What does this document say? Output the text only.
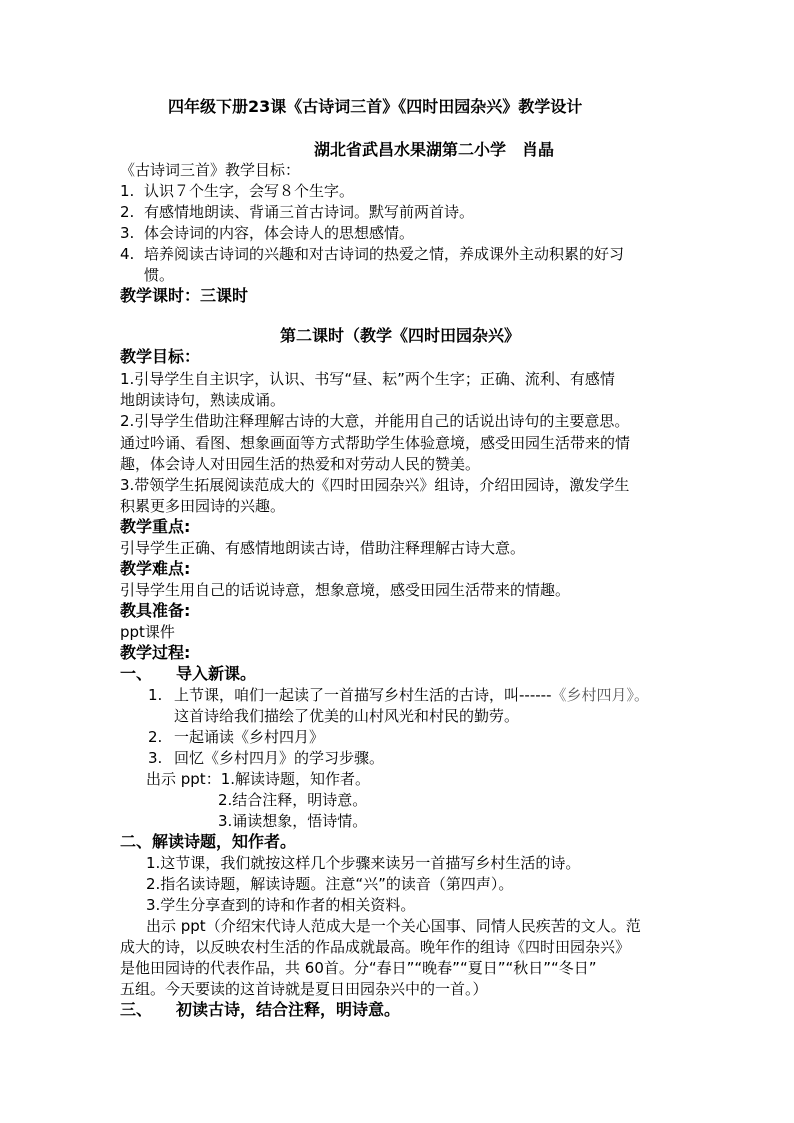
四年级下册23课《古诗词三首》《四时田园杂兴》教学设计
湖北省武昌水果湖第二小学　肖晶
《古诗词三首》教学目标：
1. 认识７个生字，会写８个生字。
2. 有感情地朗读、背诵三首古诗词。默写前两首诗。
3. 体会诗词的内容，体会诗人的思想感情。
4. 培养阅读古诗词的兴趣和对古诗词的热爱之情，养成课外主动积累的好习
惯。
教学课时：三课时
第二课时（教学《四时田园杂兴》
教学目标：
1.引导学生自主识字，认识、书写“昼、耘”两个生字；正确、流利、有感情
地朗读诗句，熟读成诵。
2.引导学生借助注释理解古诗的大意，并能用自己的话说出诗句的主要意思。
通过吟诵、看图、想象画面等方式帮助学生体验意境，感受田园生活带来的情
趣，体会诗人对田园生活的热爱和对劳动人民的赞美。
3.带领学生拓展阅读范成大的《四时田园杂兴》组诗，介绍田园诗，激发学生
积累更多田园诗的兴趣。
教学重点:
引导学生正确、有感情地朗读古诗，借助注释理解古诗大意。
教学难点:
引导学生用自己的话说诗意，想象意境，感受田园生活带来的情趣。
教具准备:
ppt课件
教学过程:
一、 导入新课。
1. 上节课，咱们一起读了一首描写乡村生活的古诗，叫------《乡村四月》。
这首诗给我们描绘了优美的山村风光和村民的勤劳。
2. 一起诵读《乡村四月》
3. 回忆《乡村四月》的学习步骤。
出示 ppt：1.解读诗题，知作者。
2.结合注释，明诗意。
3.诵读想象，悟诗情。
二、解读诗题，知作者。
1.这节课，我们就按这样几个步骤来读另一首描写乡村生活的诗。
2.指名读诗题，解读诗题。注意“兴”的读音（第四声）。
3.学生分享查到的诗和作者的相关资料。
出示 ppt（介绍宋代诗人范成大是一个关心国事、同情人民疾苦的文人。范
成大的诗，以反映农村生活的作品成就最高。晚年作的组诗《四时田园杂兴》
是他田园诗的代表作品，共 60首。分“春日”“晚春”“夏日”“秋日”“冬日”
五组。今天要读的这首诗就是夏日田园杂兴中的一首。）
三、 初读古诗，结合注释，明诗意。
